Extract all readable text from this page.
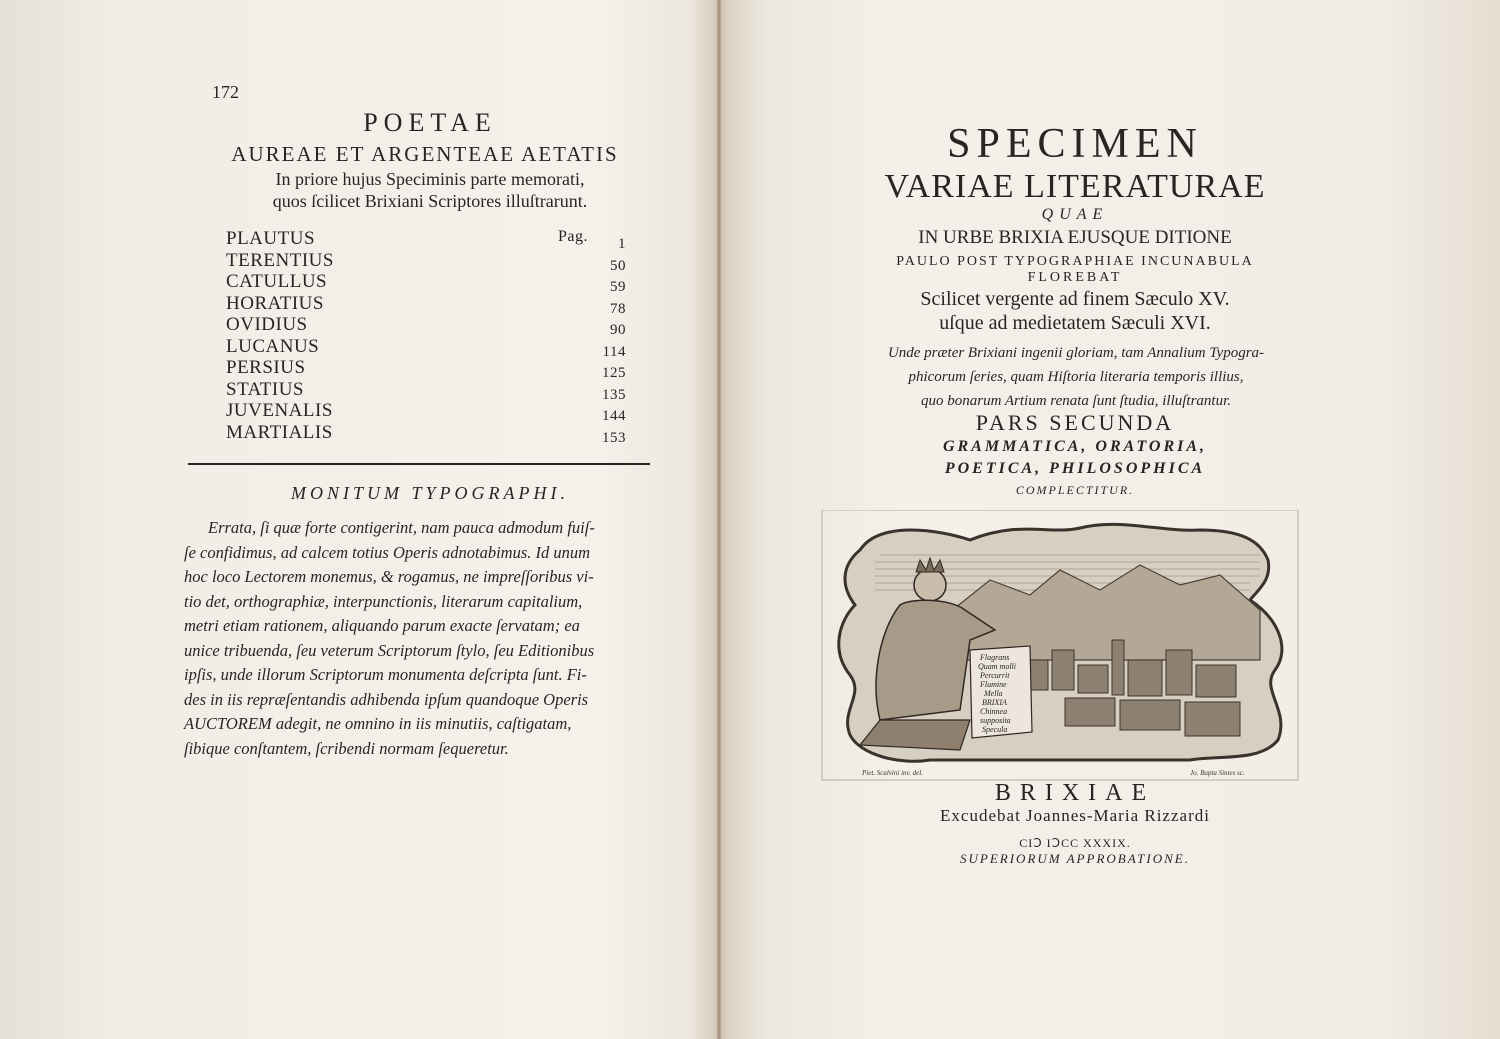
172
POETAE
AUREAE ET ARGENTEAE AETATIS
In priore hujus Speciminis parte memorati,
quos ſcilicet Brixiani Scriptores illuſtrarunt.
PLAUTUS	Pag. 1
TERENTIUS	50
CATULLUS	59
HORATIUS	78
OVIDIUS	90
LUCANUS	114
PERSIUS	125
STATIUS	135
JUVENALIS	144
MARTIALIS	153
MONITUM TYPOGRAPHI.
Errata, ſi quæ forte contigerint, nam pauca admodum fuiſ-
ſe confidimus, ad calcem totius Operis adnotabimus. Id unum
hoc loco Lectorem monemus, & rogamus, ne impreſſoribus vi-
tio det, orthographiæ, interpunctionis, literarum capitalium,
metri etiam rationem, aliquando parum exacte ſervatam; ea
unice tribuenda, ſeu veterum Scriptorum ſtylo, ſeu Editionibus
ipſis, unde illorum Scriptorum monumenta deſcripta ſunt. Fi-
des in iis repræſentandis adhibenda ipſum quandoque Operis
AUCTOREM adegit, ne omnino in iis minutiis, caſtigatam,
ſibique conſtantem, ſcribendi normam ſequeretur.
SPECIMEN
VARIAE LITERATURAE
QUAE
IN URBE BRIXIA EJUSQUE DITIONE
PAULO POST TYPOGRAPHIAE INCUNABULA
FLOREBAT
Scilicet vergente ad finem Sæculo XV.
uſque ad medietatem Sæculi XVI.
Unde præter Brixiani ingenii gloriam, tam Annalium Typogra-
phicorum ſeries, quam Hiſtoria literaria temporis illius,
quo bonarum Artium renata ſunt ſtudia, illuſtrantur.
PARS SECUNDA
GRAMMATICA, ORATORIA,
POETICA, PHILOSOPHICA
COMPLECTITUR.
Flagrans
Quam molli
Percurrit
Flumine
Mella
BRIXIA
Chinnea
supposita
Specula
Piet. Scalvini inv. del.	Jo. Bapta Sintes sc.
BRIXIAE
Excudebat Joannes-Maria Rizzardi
CIↃ IↃCC XXXIX.
SUPERIORUM APPROBATIONE.
